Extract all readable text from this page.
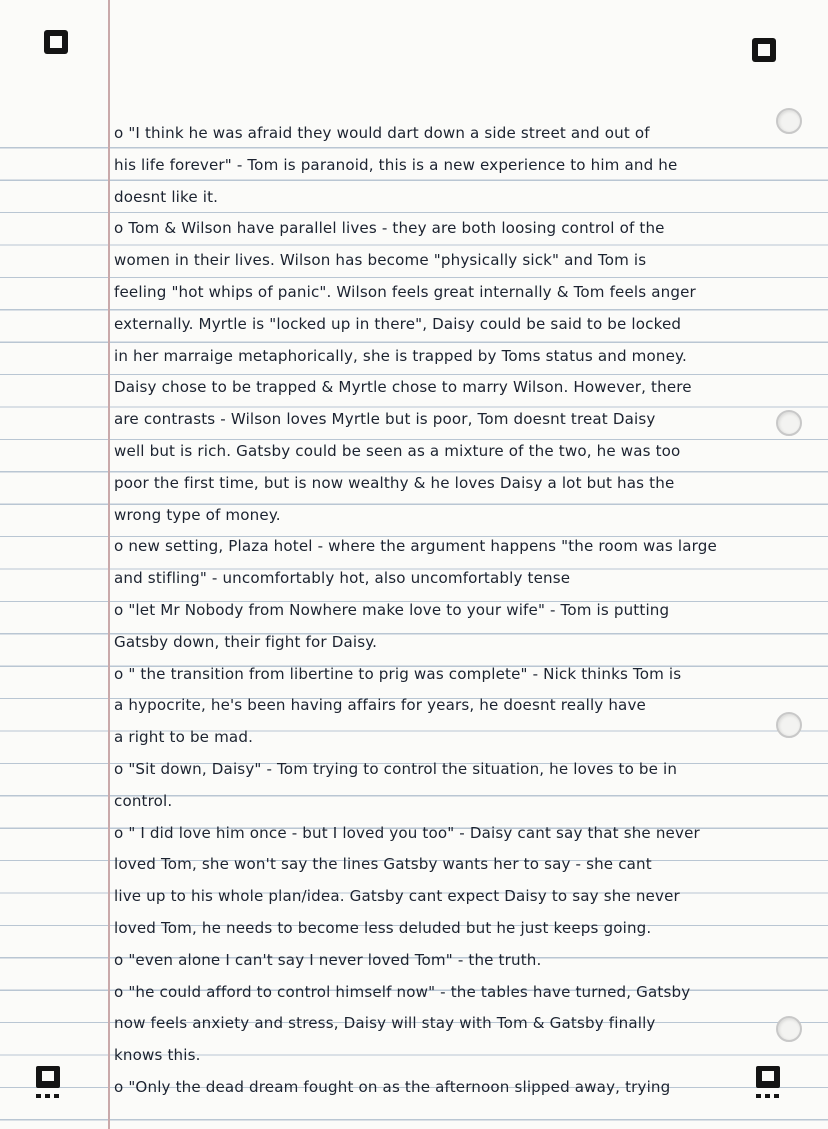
o "I think he was afraid they would dart down a side street and out of
his life forever" - Tom is paranoid, this is a new experience to him and he
doesnt like it.
o Tom & Wilson have parallel lives - they are both loosing control of the
women in their lives. Wilson has become "physically sick" and Tom is
feeling "hot whips of panic". Wilson feels great internally & Tom feels anger
externally. Myrtle is "locked up in there", Daisy could be said to be locked
in her marraige metaphorically, she is trapped by Toms status and money.
Daisy chose to be trapped & Myrtle chose to marry Wilson. However, there
are contrasts - Wilson loves Myrtle but is poor, Tom doesnt treat Daisy
well but is rich. Gatsby could be seen as a mixture of the two, he was too
poor the first time, but is now wealthy & he loves Daisy a lot but has the
wrong type of money.
o new setting, Plaza hotel - where the argument happens "the room was large
and stifling" - uncomfortably hot, also uncomfortably tense
o "let Mr Nobody from Nowhere make love to your wife" - Tom is putting
Gatsby down, their fight for Daisy.
o " the transition from libertine to prig was complete" - Nick thinks Tom is
a hypocrite, he's been having affairs for years, he doesnt really have
a right to be mad.
o "Sit down, Daisy" - Tom trying to control the situation, he loves to be in
control.
o " I did love him once - but I loved you too" - Daisy cant say that she never
loved Tom, she won't say the lines Gatsby wants her to say - she cant
live up to his whole plan/idea. Gatsby cant expect Daisy to say she never
loved Tom, he needs to become less deluded but he just keeps going.
o "even alone I can't say I never loved Tom" - the truth.
o "he could afford to control himself now" - the tables have turned, Gatsby
now feels anxiety and stress, Daisy will stay with Tom & Gatsby finally
knows this.
o "Only the dead dream fought on as the afternoon slipped away, trying
